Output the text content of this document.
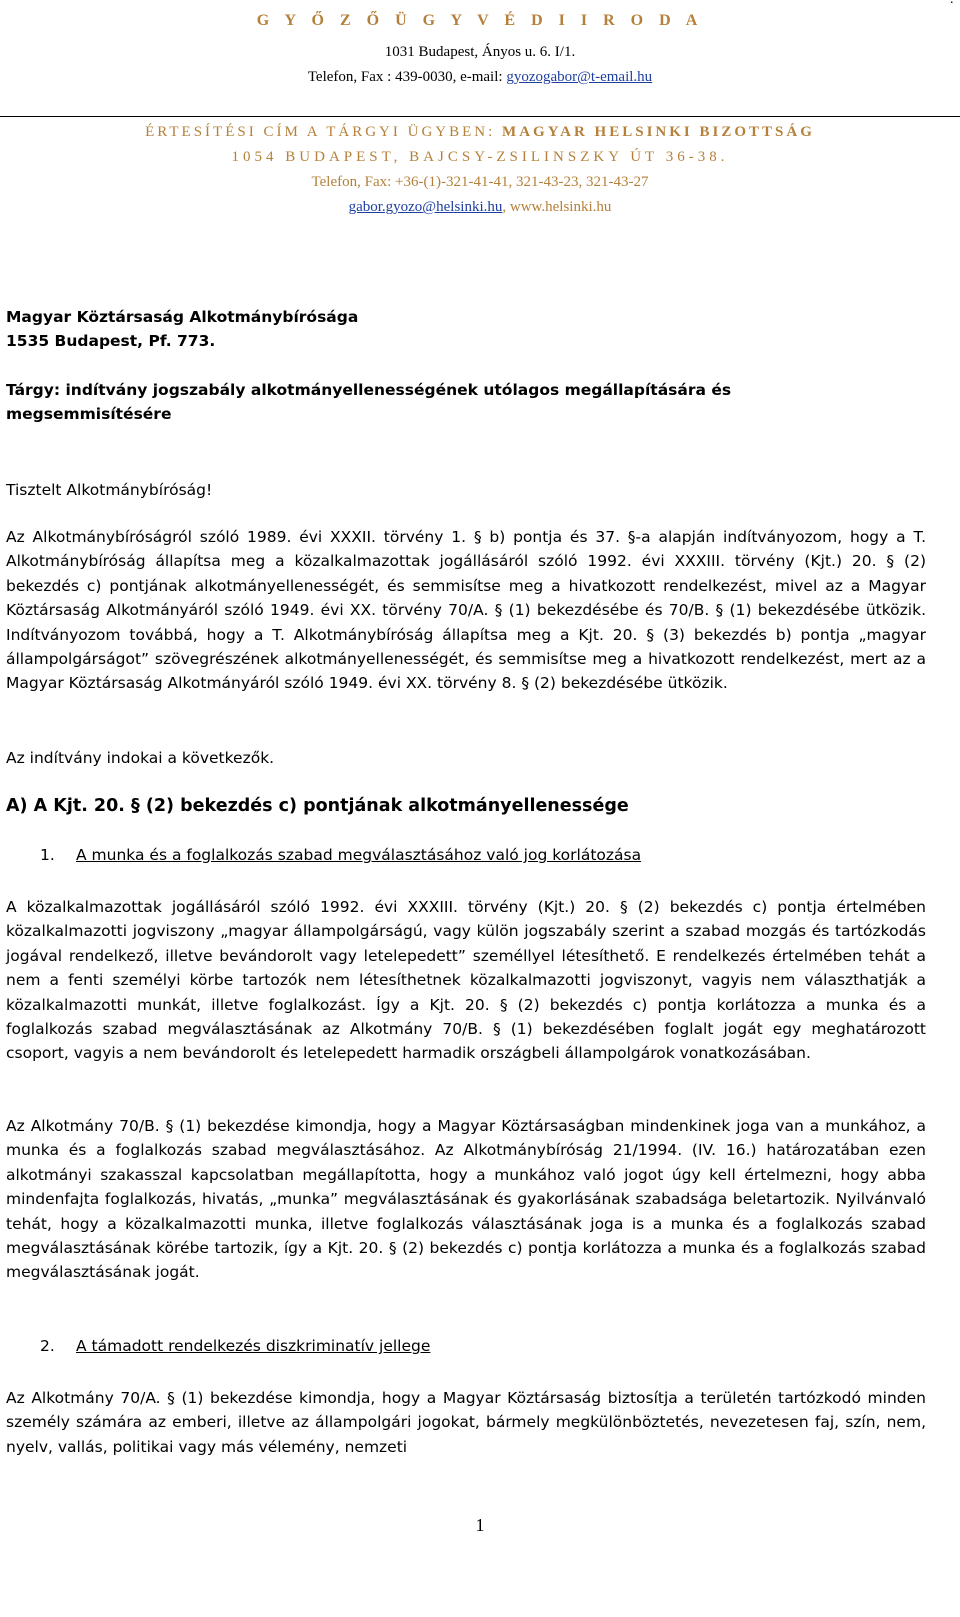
G Y Ő Z Ő Ü G Y V É D I I R O D A
1031 Budapest, Ányos u. 6. I/1.
Telefon, Fax : 439-0030, e-mail: gyozogabor@t-email.hu
ÉRTESÍTÉSI CÍM A TÁRGYI ÜGYBEN: MAGYAR HELSINKI BIZOTTSÁG
1054 BUDAPEST, BAJCSY-ZSILINSZKY ÚT 36-38.
Telefon, Fax: +36-(1)-321-41-41, 321-43-23, 321-43-27
gabor.gyozo@helsinki.hu, www.helsinki.hu
Magyar Köztársaság Alkotmánybírósága
1535 Budapest, Pf. 773.
Tárgy: indítvány jogszabály alkotmányellenességének utólagos megállapítására és megsemmisítésére
Tisztelt Alkotmánybíróság!
Az Alkotmánybíróságról szóló 1989. évi XXXII. törvény 1. § b) pontja és 37. §-a alapján indítványozom, hogy a T. Alkotmánybíróság állapítsa meg a közalkalmazottak jogállásáról szóló 1992. évi XXXIII. törvény (Kjt.) 20. § (2) bekezdés c) pontjának alkotmányellenességét, és semmisítse meg a hivatkozott rendelkezést, mivel az a Magyar Köztársaság Alkotmányáról szóló 1949. évi XX. törvény 70/A. § (1) bekezdésébe és 70/B. § (1) bekezdésébe ütközik. Indítványozom továbbá, hogy a T. Alkotmánybíróság állapítsa meg a Kjt. 20. § (3) bekezdés b) pontja „magyar állampolgárságot” szövegrészének alkotmányellenességét, és semmisítse meg a hivatkozott rendelkezést, mert az a Magyar Köztársaság Alkotmányáról szóló 1949. évi XX. törvény 8. § (2) bekezdésébe ütközik.
Az indítvány indokai a következők.
A) A Kjt. 20. § (2) bekezdés c) pontjának alkotmányellenessége
1. A munka és a foglalkozás szabad megválasztásához való jog korlátozása
A közalkalmazottak jogállásáról szóló 1992. évi XXXIII. törvény (Kjt.) 20. § (2) bekezdés c) pontja értelmében közalkalmazotti jogviszony „magyar állampolgárságú, vagy külön jogszabály szerint a szabad mozgás és tartózkodás jogával rendelkező, illetve bevándorolt vagy letelepedett” személlyel létesíthető. E rendelkezés értelmében tehát a nem a fenti személyi körbe tartozók nem létesíthetnek közalkalmazotti jogviszonyt, vagyis nem választhatják a közalkalmazotti munkát, illetve foglalkozást. Így a Kjt. 20. § (2) bekezdés c) pontja korlátozza a munka és a foglalkozás szabad megválasztásának az Alkotmány 70/B. § (1) bekezdésében foglalt jogát egy meghatározott csoport, vagyis a nem bevándorolt és letelepedett harmadik országbeli állampolgárok vonatkozásában.
Az Alkotmány 70/B. § (1) bekezdése kimondja, hogy a Magyar Köztársaságban mindenkinek joga van a munkához, a munka és a foglalkozás szabad megválasztásához. Az Alkotmánybíróság 21/1994. (IV. 16.) határozatában ezen alkotmányi szakasszal kapcsolatban megállapította, hogy a munkához való jogot úgy kell értelmezni, hogy abba mindenfajta foglalkozás, hivatás, „munka” megválasztásának és gyakorlásának szabadsága beletartozik. Nyilvánvaló tehát, hogy a közalkalmazotti munka, illetve foglalkozás választásának joga is a munka és a foglalkozás szabad megválasztásának körébe tartozik, így a Kjt. 20. § (2) bekezdés c) pontja korlátozza a munka és a foglalkozás szabad megválasztásának jogát.
2. A támadott rendelkezés diszkriminatív jellege
Az Alkotmány 70/A. § (1) bekezdése kimondja, hogy a Magyar Köztársaság biztosítja a területén tartózkodó minden személy számára az emberi, illetve az állampolgári jogokat, bármely megkülönböztetés, nevezetesen faj, szín, nem, nyelv, vallás, politikai vagy más vélemény, nemzeti
1
